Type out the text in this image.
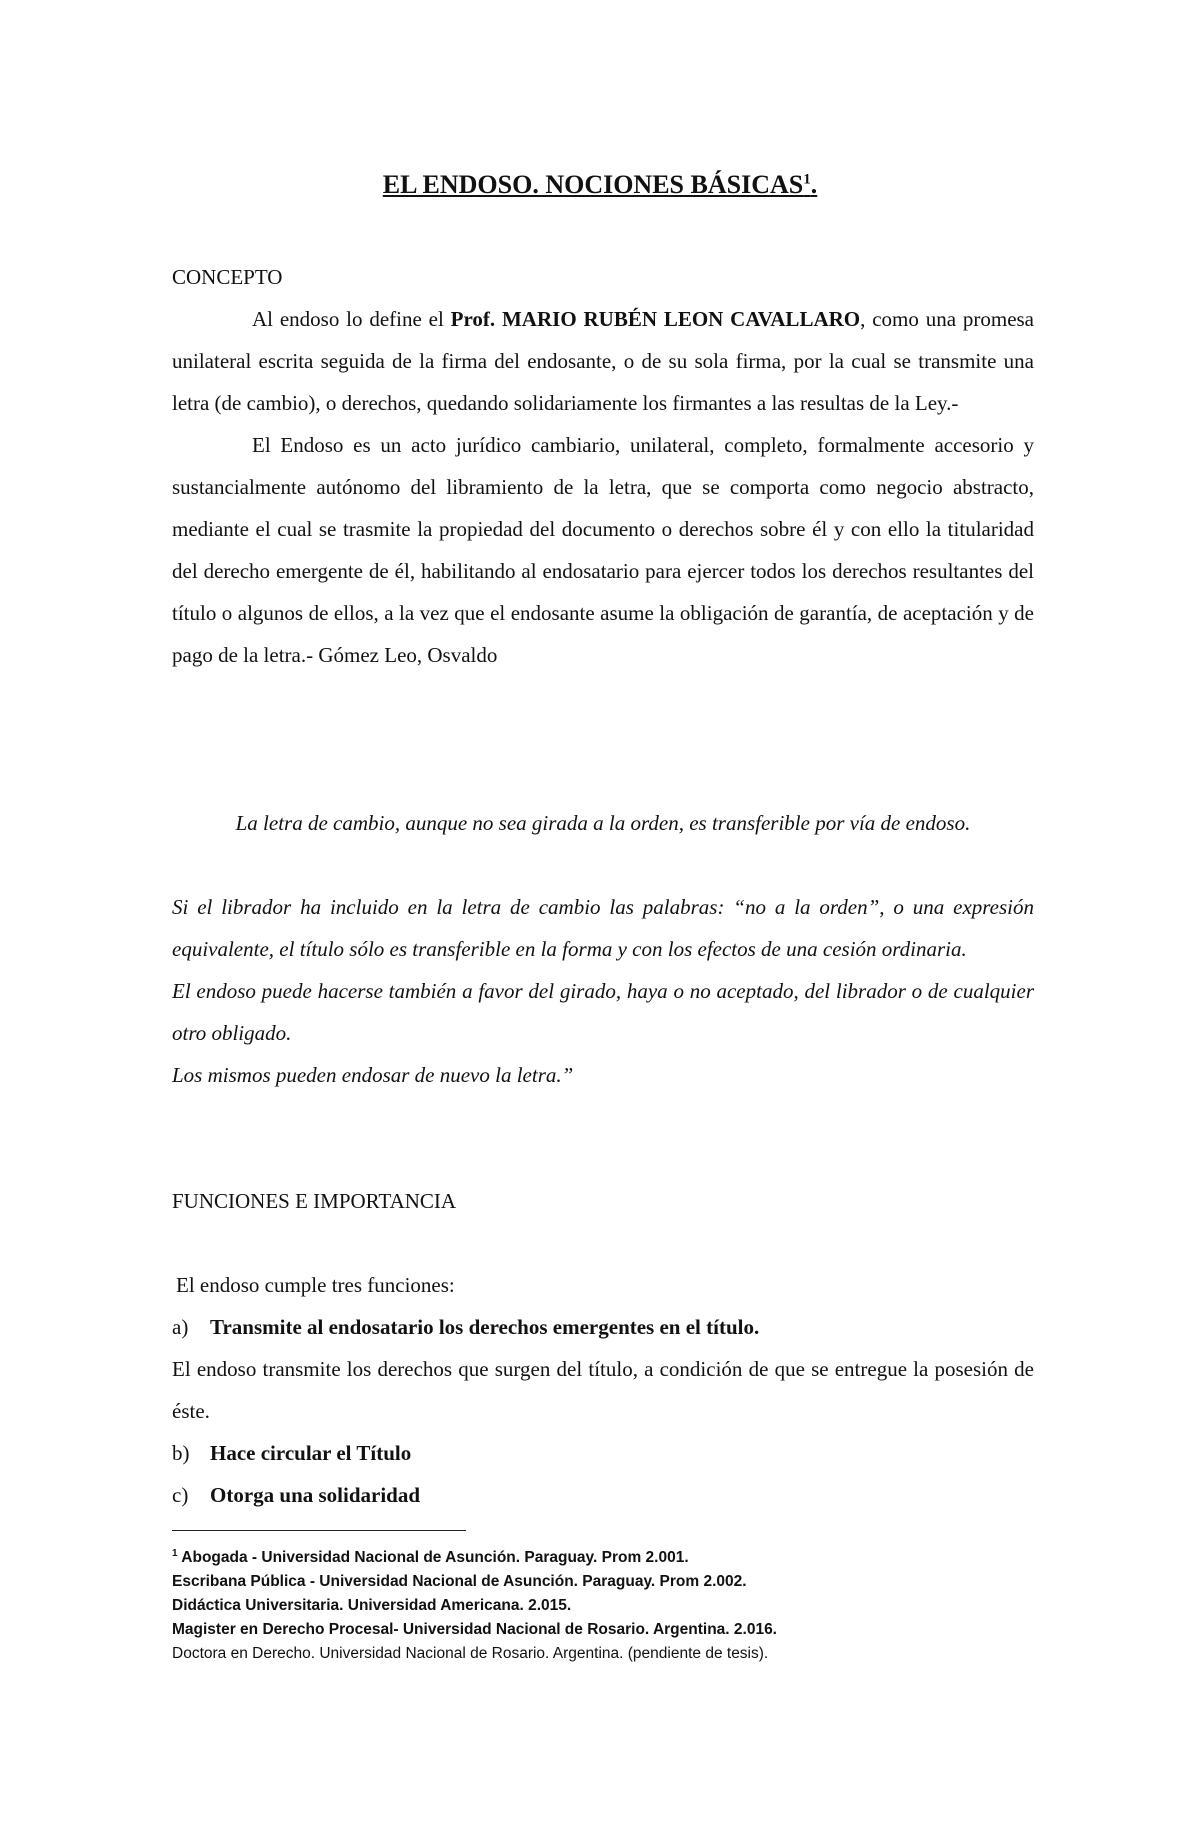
EL ENDOSO. NOCIONES BÁSICAS$^1$.

CONCEPTO

Al endoso lo define el Prof. MARIO RUBÉN LEON CAVALLARO, como una promesa unilateral escrita seguida de la firma del endosante, o de su sola firma, por la cual se transmite una letra (de cambio), o derechos, quedando solidariamente los firmantes a las resultas de la Ley.-

El Endoso es un acto jurídico cambiario, unilateral, completo, formalmente accesorio y sustancialmente autónomo del libramiento de la letra, que se comporta como negocio abstracto, mediante el cual se trasmite la propiedad del documento o derechos sobre él y con ello la titularidad del derecho emergente de él, habilitando al endosatario para ejercer todos los derechos resultantes del título o algunos de ellos, a la vez que el endosante asume la obligación de garantía, de aceptación y de pago de la letra.- Gómez Leo, Osvaldo

La letra de cambio, aunque no sea girada a la orden, es transferible por vía de endoso.

Si el librador ha incluido en la letra de cambio las palabras: “no a la orden”, o una expresión equivalente, el título sólo es transferible en la forma y con los efectos de una cesión ordinaria.

El endoso puede hacerse también a favor del girado, haya o no aceptado, del librador o de cualquier otro obligado.

Los mismos pueden endosar de nuevo la letra.”

FUNCIONES E IMPORTANCIA

El endoso cumple tres funciones:

a) Transmite al endosatario los derechos emergentes en el título.

El endoso transmite los derechos que surgen del título, a condición de que se entregue la posesión de éste.

b) Hace circular el Título

c) Otorga una solidaridad

$^1$ Abogada - Universidad Nacional de Asunción. Paraguay. Prom 2.001.

Escribana Pública - Universidad Nacional de Asunción. Paraguay. Prom 2.002.

Didáctica Universitaria. Universidad Americana. 2.015.

Magister en Derecho Procesal- Universidad Nacional de Rosario. Argentina. 2.016.

Doctora en Derecho. Universidad Nacional de Rosario. Argentina. (pendiente de tesis).
